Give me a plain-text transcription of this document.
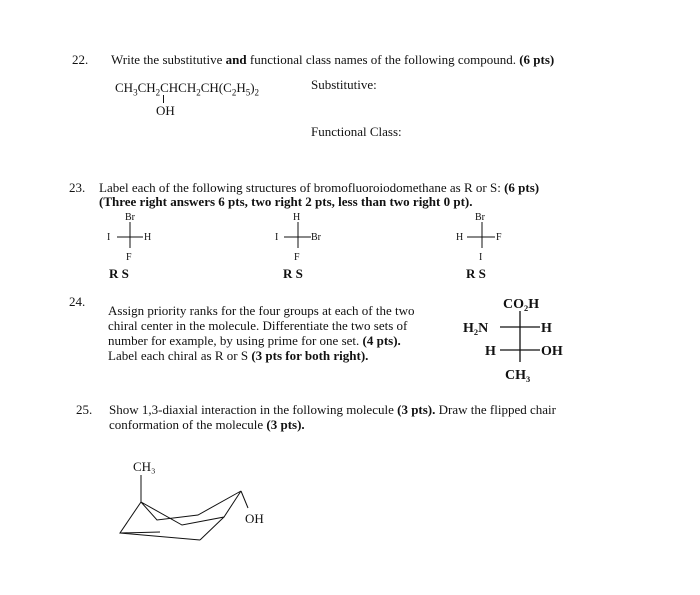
22. Write the substitutive and functional class names of the following compound. (6 pts)
$CH_3CH_2CHCH_2CH(C_2H_5)_2$
OH
Substitutive:
Functional Class:
23. Label each of the following structures of bromofluoroiodomethane as R or S: (6 pts)
(Three right answers 6 pts, two right 2 pts, less than two right 0 pt).
Br
I	H
F
R S
H
I	Br
F
R S
Br
H	F
I
R S
24.
Assign priority ranks for the four groups at each of the two
chiral center in the molecule. Differentiate the two sets of
number for example, by using prime for one set. (4 pts).
Label each chiral as R or S (3 pts for both right).
CO₂H
H₂N	H
H	OH
CH₃
25. Show 1,3-diaxial interaction in the following molecule (3 pts). Draw the flipped chair
conformation of the molecule (3 pts).
CH₃
OH
